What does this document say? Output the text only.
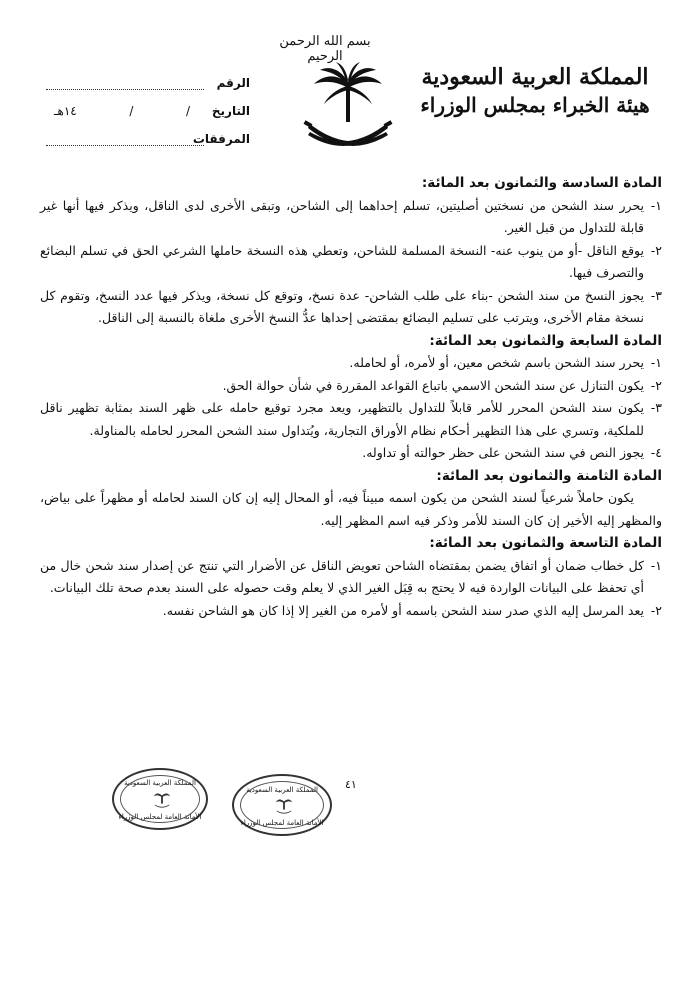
بسم الله الرحمن الرحيم
المملكة العربية السعودية
هيئة الخبراء بمجلس الوزراء
الرقم
التاريخ
/
/
١٤هـ
المرفقات
المادة السادسة والثمانون بعد المائة:
١-
يحرر سند الشحن من نسختين أصليتين، تسلم إحداهما إلى الشاحن، وتبقى الأخرى لدى الناقل، ويذكر فيها أنها غير قابلة للتداول من قبل الغير.
٢-
يوقع الناقل -أو من ينوب عنه- النسخة المسلمة للشاحن، وتعطي هذه النسخة حاملها الشرعي الحق في تسلم البضائع والتصرف فيها.
٣-
يجوز النسخ من سند الشحن -بناء على طلب الشاحن- عدة نسخ، وتوقع كل نسخة، ويذكر فيها عدد النسخ، وتقوم كل نسخة مقام الأخرى، ويترتب على تسليم البضائع بمقتضى إحداها عدُّ النسخ الأخرى ملغاة بالنسبة إلى الناقل.
المادة السابعة والثمانون بعد المائة:
١-
يحرر سند الشحن باسم شخص معين، أو لأمره، أو لحامله.
٢-
يكون التنازل عن سند الشحن الاسمي باتباع القواعد المقررة في شأن حوالة الحق.
٣-
يكون سند الشحن المحرر للأمر قابلاً للتداول بالتظهير، ويعد مجرد توقيع حامله على ظهر السند بمثابة تظهير ناقل للملكية، وتسري على هذا التظهير أحكام نظام الأوراق التجارية، ويُتداول سند الشحن المحرر لحامله بالمناولة.
٤-
يجوز النص في سند الشحن على حظر حوالته أو تداوله.
المادة الثامنة والثمانون بعد المائة:
يكون حاملاً شرعياً لسند الشحن من يكون اسمه مبيناً فيه، أو المحال إليه إن كان السند لحامله أو مظهراً على بياض، والمظهر إليه الأخير إن كان السند للأمر وذكر فيه اسم المظهر إليه.
المادة التاسعة والثمانون بعد المائة:
١-
كل خطاب ضمان أو اتفاق يضمن بمقتضاه الشاحن تعويض الناقل عن الأضرار التي تنتج عن إصدار سند شحن خال من أي تحفظ على البيانات الواردة فيه لا يحتج به قِبَل الغير الذي لا يعلم وقت حصوله على السند بعدم صحة تلك البيانات.
٢-
يعد المرسل إليه الذي صدر سند الشحن باسمه أو لأمره من الغير إلا إذا كان هو الشاحن نفسه.
٤١
المملكة العربية السعودية
الأمانة العامة لمجلس الوزراء
المملكة العربية السعودية
الأمانة العامة لمجلس الوزراء
